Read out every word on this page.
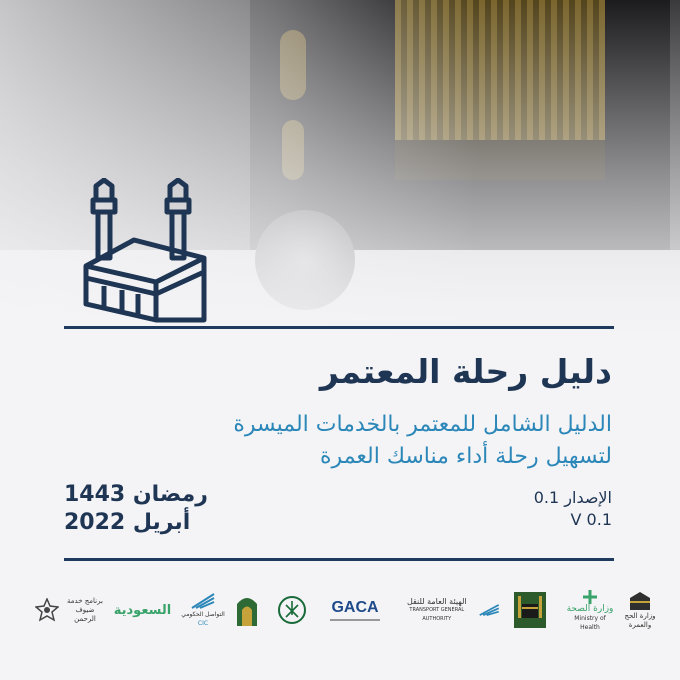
دليل رحلة المعتمر
الدليل الشامل للمعتمر بالخدمات الميسرة
لتسهيل رحلة أداء مناسك العمرة
رمضان 1443
أبريل 2022
الإصدار 0.1
V 0.1
وزارة الحج والعمرة
وزارة الصحة
Ministry of Health
الهيئة العامة للنقل
TRANSPORT GENERAL AUTHORITY
GACA
التواصل الحكومي
CIC
السعودية
برنامج خدمة ضيوف الرحمن
